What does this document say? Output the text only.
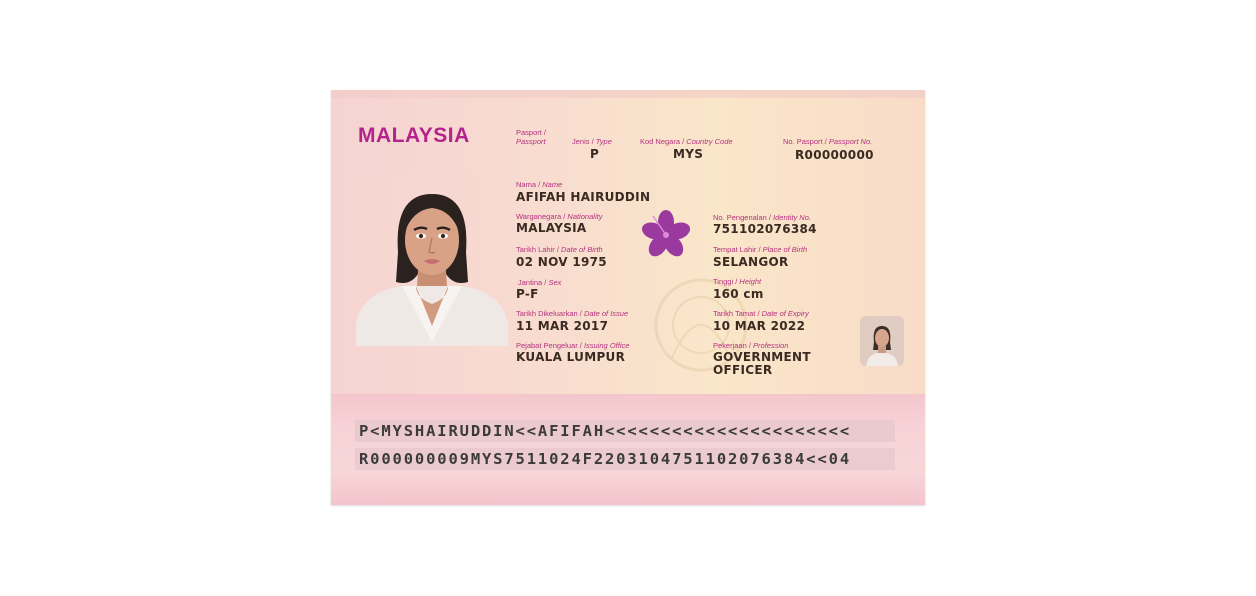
MALAYSIA	Pasport /
Passport	Jenis / Type
P
Kod Negara / Country Code
MYS
No. Pasport / Passport No.
R00000000
Nama / Name
AFIFAH HAIRUDDIN
Warganegara / Nationality
MALAYSIA
No. Pengenalan / Identity No.
751102076384
Tarikh Lahir / Date of Birth
02 NOV 1975
Tempat Lahir / Place of Birth
SELANGOR
Jantina / Sex
P-F
Tinggi / Height
160 cm
Tarikh Dikeluarkan / Date of Issue
11 MAR 2017
Tarikh Tamat / Date of Expiry
10 MAR 2022
Pejabat Pengeluar / Issuing Office
KUALA LUMPUR
Pekerjaan / Profession
GOVERNMENT
OFFICER
P<MYSHAIRUDDIN<<AFIFAH<<<<<<<<<<<<<<<<<<<<<<
R000000009MYS7511024F2203104751102076384<<04
